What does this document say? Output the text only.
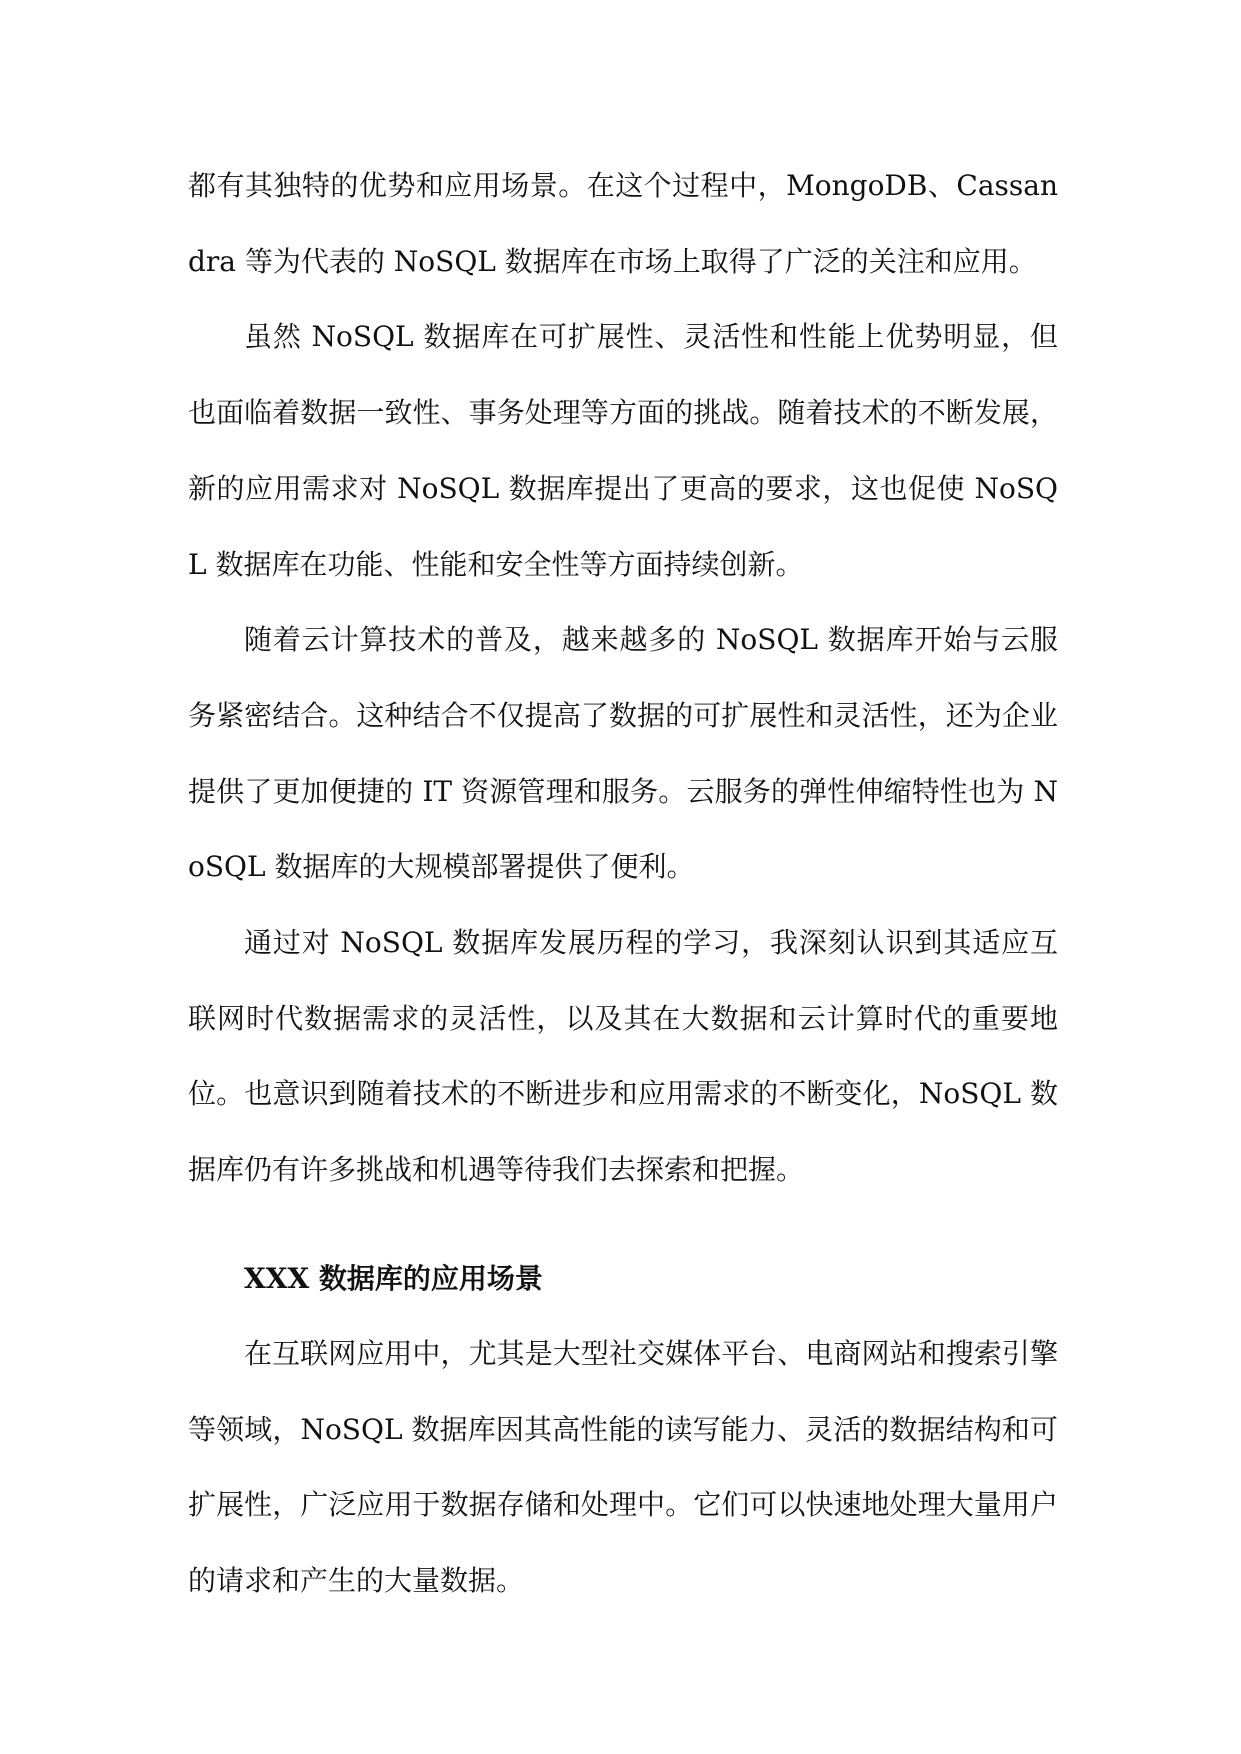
都有其独特的优势和应用场景。在这个过程中，MongoDB、Cassandra 等为代表的 NoSQL 数据库在市场上取得了广泛的关注和应用。

虽然 NoSQL 数据库在可扩展性、灵活性和性能上优势明显，但也面临着数据一致性、事务处理等方面的挑战。随着技术的不断发展，新的应用需求对 NoSQL 数据库提出了更高的要求，这也促使 NoSQL 数据库在功能、性能和安全性等方面持续创新。

随着云计算技术的普及，越来越多的 NoSQL 数据库开始与云服务紧密结合。这种结合不仅提高了数据的可扩展性和灵活性，还为企业提供了更加便捷的 IT 资源管理和服务。云服务的弹性伸缩特性也为 NoSQL 数据库的大规模部署提供了便利。

通过对 NoSQL 数据库发展历程的学习，我深刻认识到其适应互联网时代数据需求的灵活性，以及其在大数据和云计算时代的重要地位。也意识到随着技术的不断进步和应用需求的不断变化，NoSQL 数据库仍有许多挑战和机遇等待我们去探索和把握。

XXX 数据库的应用场景

在互联网应用中，尤其是大型社交媒体平台、电商网站和搜索引擎等领域，NoSQL 数据库因其高性能的读写能力、灵活的数据结构和可扩展性，广泛应用于数据存储和处理中。它们可以快速地处理大量用户的请求和产生的大量数据。
